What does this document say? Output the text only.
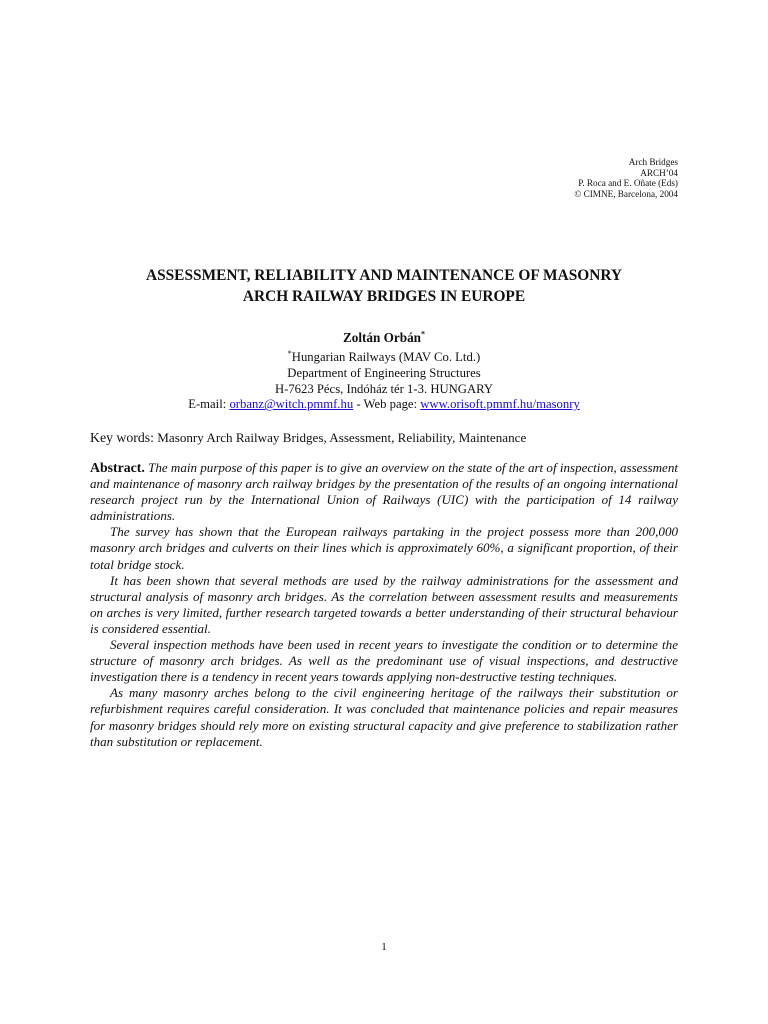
Arch Bridges
ARCH’04
P. Roca and E. Oñate (Eds)
© CIMNE, Barcelona, 2004
ASSESSMENT, RELIABILITY AND MAINTENANCE OF MASONRY
ARCH RAILWAY BRIDGES IN EUROPE
Zoltán Orbán*
*Hungarian Railways (MAV Co. Ltd.)
Department of Engineering Structures
H-7623 Pécs, Indóház tér 1-3. HUNGARY
E-mail: orbanz@witch.pmmf.hu - Web page: www.orisoft.pmmf.hu/masonry
Key words: Masonry Arch Railway Bridges, Assessment, Reliability, Maintenance

Abstract. The main purpose of this paper is to give an overview on the state of the art of inspection, assessment and maintenance of masonry arch railway bridges by the presentation of the results of an ongoing international research project run by the International Union of Railways (UIC) with the participation of 14 railway administrations.

The survey has shown that the European railways partaking in the project possess more than 200,000 masonry arch bridges and culverts on their lines which is approximately 60%, a significant proportion, of their total bridge stock.

It has been shown that several methods are used by the railway administrations for the assessment and structural analysis of masonry arch bridges. As the correlation between assessment results and measurements on arches is very limited, further research targeted towards a better understanding of their structural behaviour is considered essential.

Several inspection methods have been used in recent years to investigate the condition or to determine the structure of masonry arch bridges. As well as the predominant use of visual inspections, and destructive investigation there is a tendency in recent years towards applying non-destructive testing techniques.

As many masonry arches belong to the civil engineering heritage of the railways their substitution or refurbishment requires careful consideration. It was concluded that maintenance policies and repair measures for masonry bridges should rely more on existing structural capacity and give preference to stabilization rather than substitution or replacement.

1
